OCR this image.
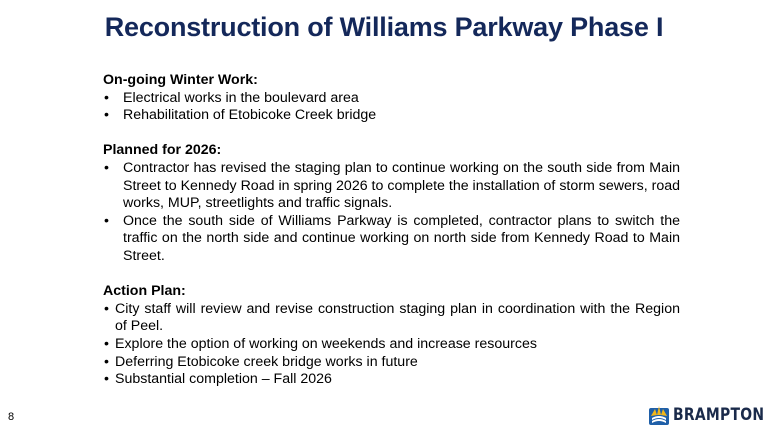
Reconstruction of Williams Parkway Phase I
On-going Winter Work:
• Electrical works in the boulevard area
• Rehabilitation of Etobicoke Creek bridge
Planned for 2026:
• Contractor has revised the staging plan to continue working on the south side from Main Street to Kennedy Road in spring 2026 to complete the installation of storm sewers, road works, MUP, streetlights and traffic signals.
• Once the south side of Williams Parkway is completed, contractor plans to switch the traffic on the north side and continue working on north side from Kennedy Road to Main Street.
Action Plan:
• City staff will review and revise construction staging plan in coordination with the Region of Peel.
• Explore the option of working on weekends and increase resources
• Deferring Etobicoke creek bridge works in future
• Substantial completion – Fall 2026
8	BRAMPTON
